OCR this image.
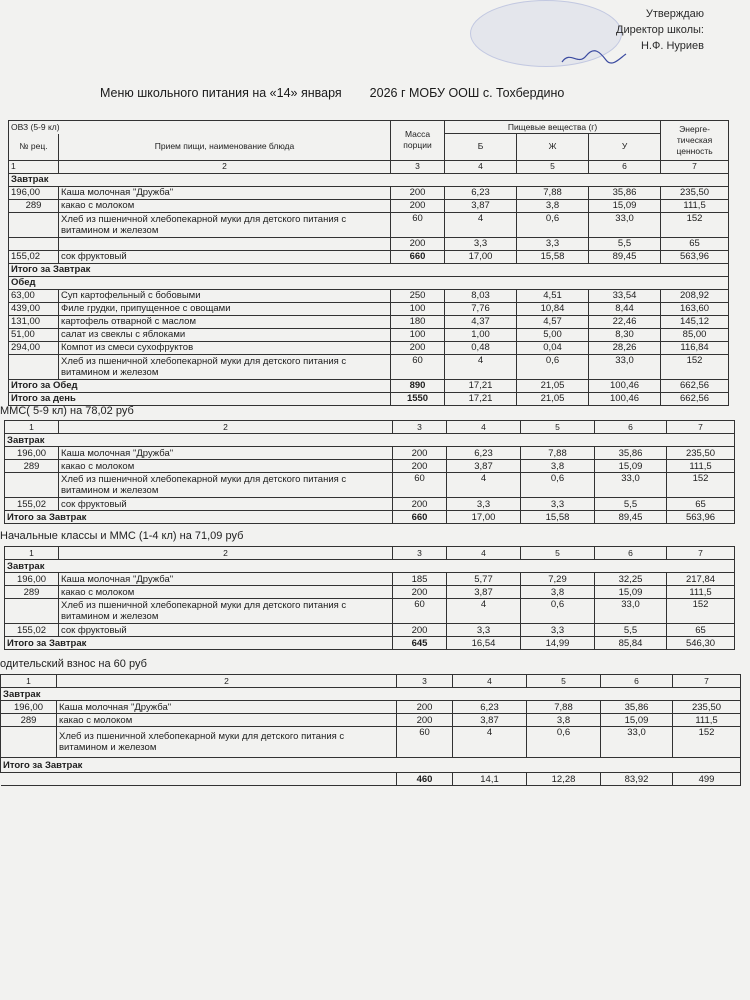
Утверждаю
Директор школы:
Н.Ф. Нуриев
Меню школьного питания на «14» января 2026 г МОБУ ООШ с. Тохбердино
ОВЗ (5-9 кл)		Масса порции	Пищевые вещества (г)			Энерге-тическая ценность
№ рец.	Прием пищи, наименование блюда		Б	Ж	У	
1	2	3	4	5	6	7
Завтрак						
196,00	Каша молочная "Дружба"	200	6,23	7,88	35,86	235,50
289	какао с молоком	200	3,87	3,8	15,09	111,5
	Хлеб из пшеничной хлебопекарной муки для детского питания с витамином и железом	60	4	0,6	33,0	152
		200	3,3	3,3	5,5	65
155,02	сок фруктовый	660	17,00	15,58	89,45	563,96
Итого за Завтрак						
Обед						
63,00	Суп картофельный с бобовыми	250	8,03	4,51	33,54	208,92
439,00	Филе грудки, припущенное с овощами	100	7,76	10,84	8,44	163,60
131,00	картофель отварной с маслом	180	4,37	4,57	22,46	145,12
51,00	салат из свеклы с яблоками	100	1,00	5,00	8,30	85,00
294,00	Компот из смеси сухофруктов	200	0,48	0,04	28,26	116,84
	Хлеб из пшеничной хлебопекарной муки для детского питания с витамином и железом	60	4	0,6	33,0	152
Итого за Обед		890	17,21	21,05	100,46	662,56
Итого за день		1550	17,21	21,05	100,46	662,56
ММС( 5-9 кл) на 78,02 руб
1	2	3	4	5	6	7
Завтрак						
196,00	Каша молочная "Дружба"	200	6,23	7,88	35,86	235,50
289	какао с молоком	200	3,87	3,8	15,09	111,5
	Хлеб из пшеничной хлебопекарной муки для детского питания с витамином и железом	60	4	0,6	33,0	152
155,02	сок фруктовый	200	3,3	3,3	5,5	65
Итого за Завтрак		660	17,00	15,58	89,45	563,96
Начальные классы и ММС (1-4 кл) на 71,09 руб
1	2	3	4	5	6	7
Завтрак						
196,00	Каша молочная "Дружба"	185	5,77	7,29	32,25	217,84
289	какао с молоком	200	3,87	3,8	15,09	111,5
	Хлеб из пшеничной хлебопекарной муки для детского питания с витамином и железом	60	4	0,6	33,0	152
155,02	сок фруктовый	200	3,3	3,3	5,5	65
Итого за Завтрак		645	16,54	14,99	85,84	546,30
одительский взнос на 60 руб
1	2	3	4	5	6	7
Завтрак						
196,00	Каша молочная "Дружба"	200	6,23	7,88	35,86	235,50
289	какао с молоком	200	3,87	3,8	15,09	111,5
	Хлеб из пшеничной хлебопекарной муки для детского питания с витамином и железом	60	4	0,6	33,0	152
Итого за Завтрак						
		460	14,1	12,28	83,92	499
